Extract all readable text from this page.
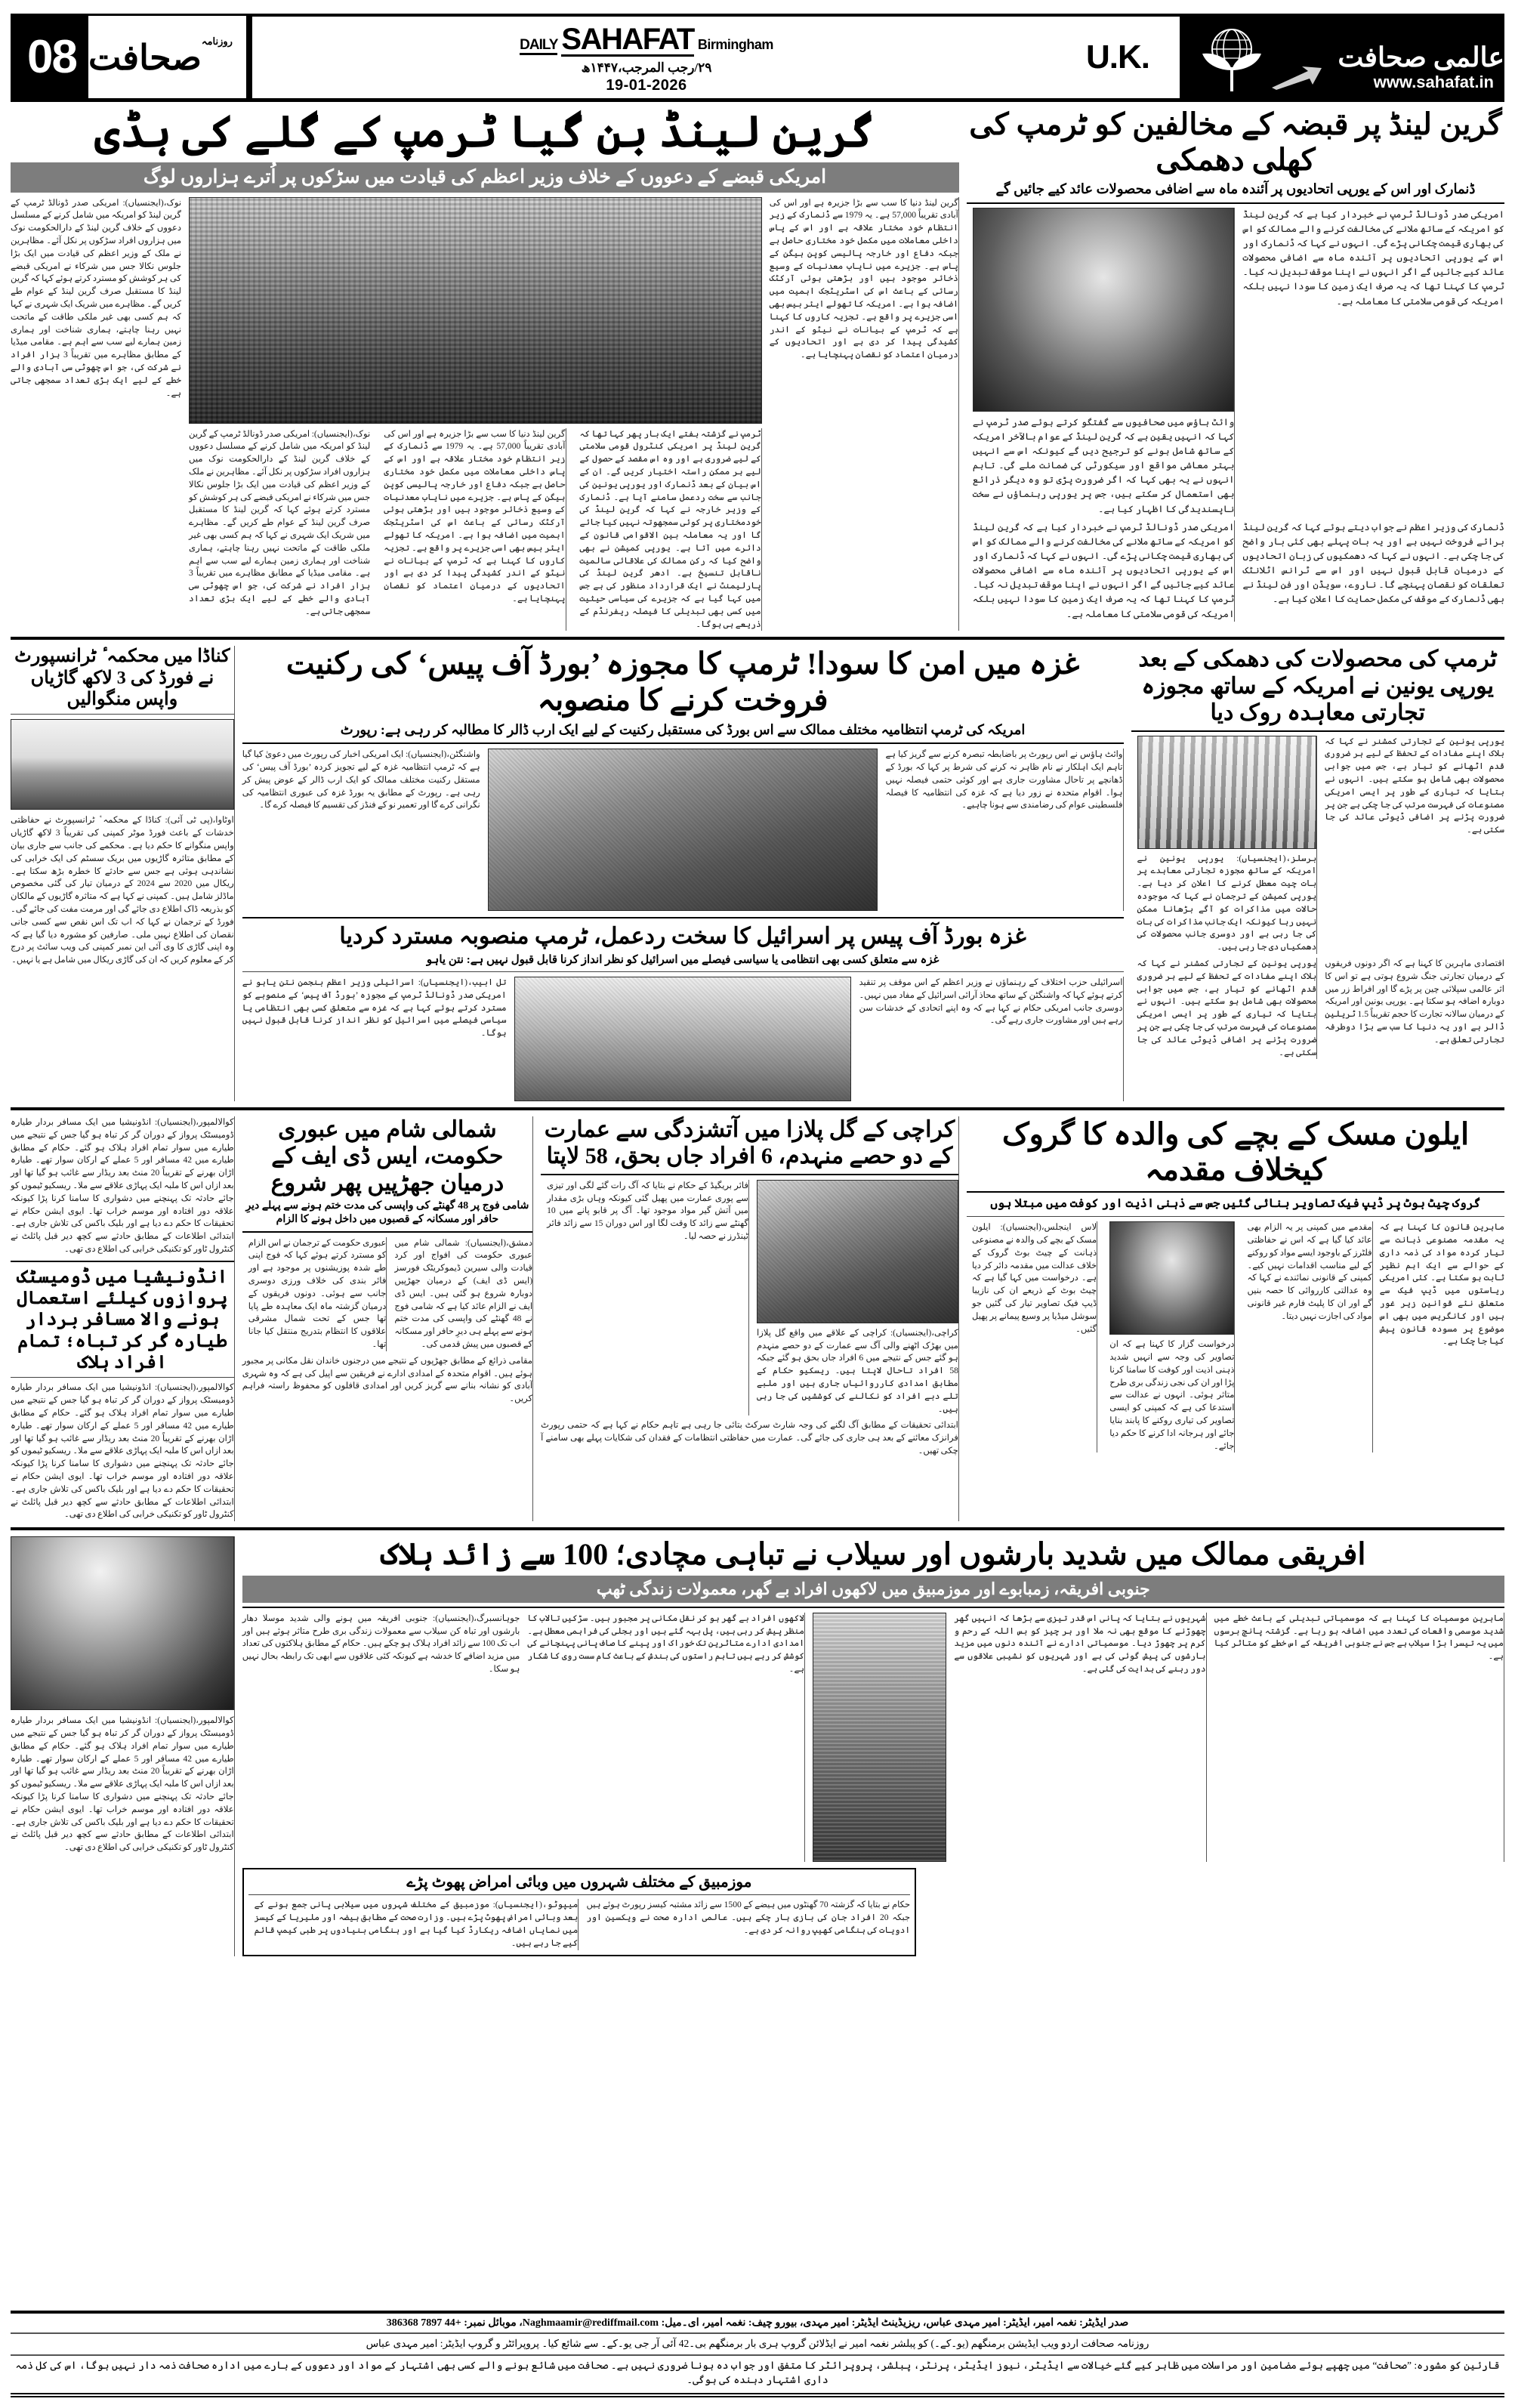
08	روزنامہ
صحافت	DAILY SAHAFAT Birmingham
۲۹/رجب المرجب،۱۴۴۷ھ
19-01-2026
U.K.	عالمی صحافت
www.sahafat.in
گرین لینڈ پر قبضہ کے مخالفین کو ٹرمپ کی کھلی دھمکی
ڈنمارک اور اس کے یورپی اتحادیوں پر آئندہ ماہ سے اضافی محصولات عائد کیے جائیں گے
امریکی صدر ڈونالڈ ٹرمپ نے خبردار کیا ہے کہ گرین لینڈ کو امریکہ کے ساتھ ملانے کی مخالفت کرنے والے ممالک کو اس کی بھاری قیمت چکانی پڑے گی۔ انہوں نے کہا کہ ڈنمارک اور اس کے یورپی اتحادیوں پر آئندہ ماہ سے اضافی محصولات عائد کیے جائیں گے اگر انہوں نے اپنا موقف تبدیل نہ کیا۔ ٹرمپ کا کہنا تھا کہ یہ صرف ایک زمین کا سودا نہیں بلکہ امریکہ کی قومی سلامتی کا معاملہ ہے۔
وائٹ ہاؤس میں صحافیوں سے گفتگو کرتے ہوئے صدر ٹرمپ نے کہا کہ انہیں یقین ہے کہ گرین لینڈ کے عوام بالآخر امریکہ کے ساتھ شامل ہونے کو ترجیح دیں گے کیونکہ اس سے انہیں بہتر معاشی مواقع اور سیکورٹی کی ضمانت ملے گی۔ تاہم انہوں نے یہ بھی کہا کہ اگر ضرورت پڑی تو وہ دیگر ذرائع بھی استعمال کر سکتے ہیں، جس پر یورپی رہنماؤں نے سخت ناپسندیدگی کا اظہار کیا ہے۔
ڈنمارک کی وزیر اعظم نے جواب دیتے ہوئے کہا کہ گرین لینڈ برائے فروخت نہیں ہے اور یہ بات پہلے بھی کئی بار واضح کی جا چکی ہے۔ انہوں نے کہا کہ دھمکیوں کی زبان اتحادیوں کے درمیان قابل قبول نہیں اور اس سے ٹرانس اٹلانٹک تعلقات کو نقصان پہنچے گا۔ ناروے، سویڈن اور فن لینڈ نے بھی ڈنمارک کے موقف کی مکمل حمایت کا اعلان کیا ہے۔
امریکی صدر ڈونالڈ ٹرمپ نے خبردار کیا ہے کہ گرین لینڈ کو امریکہ کے ساتھ ملانے کی مخالفت کرنے والے ممالک کو اس کی بھاری قیمت چکانی پڑے گی۔ انہوں نے کہا کہ ڈنمارک اور اس کے یورپی اتحادیوں پر آئندہ ماہ سے اضافی محصولات عائد کیے جائیں گے اگر انہوں نے اپنا موقف تبدیل نہ کیا۔ ٹرمپ کا کہنا تھا کہ یہ صرف ایک زمین کا سودا نہیں بلکہ امریکہ کی قومی سلامتی کا معاملہ ہے۔
گرین لینڈ بن گیا ٹرمپ کے گلے کی ہڈی
امریکی قبضے کے دعووں کے خلاف وزیر اعظم کی قیادت میں سڑکوں پر اُترے ہزاروں لوگ
گرین لینڈ دنیا کا سب سے بڑا جزیرہ ہے اور اس کی آبادی تقریباً 57,000 ہے۔ یہ 1979 سے ڈنمارک کے زیر انتظام خود مختار علاقہ ہے اور اس کے پاس داخلی معاملات میں مکمل خود مختاری حاصل ہے جبکہ دفاع اور خارجہ پالیسی کوپن ہیگن کے پاس ہے۔ جزیرے میں نایاب معدنیات کے وسیع ذخائر موجود ہیں اور بڑھتی ہوئی آرکٹک رسائی کے باعث اس کی اسٹریٹجک اہمیت میں اضافہ ہوا ہے۔ امریکہ کا تھولے ایئر بیس بھی اسی جزیرے پر واقع ہے۔ تجزیہ کاروں کا کہنا ہے کہ ٹرمپ کے بیانات نے نیٹو کے اندر کشیدگی پیدا کر دی ہے اور اتحادیوں کے درمیان اعتماد کو نقصان پہنچایا ہے۔
ٹرمپ نے گزشتہ ہفتے ایک بار پھر کہا تھا کہ گرین لینڈ پر امریکی کنٹرول قومی سلامتی کے لیے ضروری ہے اور وہ اس مقصد کے حصول کے لیے ہر ممکن راستہ اختیار کریں گے۔ ان کے اس بیان کے بعد ڈنمارک اور یورپی یونین کی جانب سے سخت ردعمل سامنے آیا ہے۔ ڈنمارک کے وزیر خارجہ نے کہا کہ گرین لینڈ کی خودمختاری پر کوئی سمجھوتہ نہیں کیا جائے گا اور یہ معاملہ بین الاقوامی قانون کے دائرے میں آتا ہے۔ یورپی کمیشن نے بھی واضح کیا کہ رکن ممالک کی علاقائی سالمیت ناقابل تنسیخ ہے۔ ادھر گرین لینڈ کی پارلیمنٹ نے ایک قرارداد منظور کی ہے جس میں کہا گیا ہے کہ جزیرے کی سیاسی حیثیت میں کسی بھی تبدیلی کا فیصلہ ریفرنڈم کے ذریعے ہی ہوگا۔
گرین لینڈ دنیا کا سب سے بڑا جزیرہ ہے اور اس کی آبادی تقریباً 57,000 ہے۔ یہ 1979 سے ڈنمارک کے زیر انتظام خود مختار علاقہ ہے اور اس کے پاس داخلی معاملات میں مکمل خود مختاری حاصل ہے جبکہ دفاع اور خارجہ پالیسی کوپن ہیگن کے پاس ہے۔ جزیرے میں نایاب معدنیات کے وسیع ذخائر موجود ہیں اور بڑھتی ہوئی آرکٹک رسائی کے باعث اس کی اسٹریٹجک اہمیت میں اضافہ ہوا ہے۔ امریکہ کا تھولے ایئر بیس بھی اسی جزیرے پر واقع ہے۔ تجزیہ کاروں کا کہنا ہے کہ ٹرمپ کے بیانات نے نیٹو کے اندر کشیدگی پیدا کر دی ہے اور اتحادیوں کے درمیان اعتماد کو نقصان پہنچایا ہے۔
نوک،(ایجنسیاں): امریکی صدر ڈونالڈ ٹرمپ کے گرین لینڈ کو امریکہ میں شامل کرنے کے مسلسل دعووں کے خلاف گرین لینڈ کے دارالحکومت نوک میں ہزاروں افراد سڑکوں پر نکل آئے۔ مظاہرین نے ملک کے وزیر اعظم کی قیادت میں ایک بڑا جلوس نکالا جس میں شرکاء نے امریکی قبضے کی ہر کوشش کو مسترد کرتے ہوئے کہا کہ گرین لینڈ کا مستقبل صرف گرین لینڈ کے عوام طے کریں گے۔ مظاہرے میں شریک ایک شہری نے کہا کہ ہم کسی بھی غیر ملکی طاقت کے ماتحت نہیں رہنا چاہتے، ہماری شناخت اور ہماری زمین ہمارے لیے سب سے اہم ہے۔ مقامی میڈیا کے مطابق مظاہرے میں تقریباً 3 ہزار افراد نے شرکت کی، جو اس چھوٹی سی آبادی والے خطے کے لیے ایک بڑی تعداد سمجھی جاتی ہے۔
نوک،(ایجنسیاں): امریکی صدر ڈونالڈ ٹرمپ کے گرین لینڈ کو امریکہ میں شامل کرنے کے مسلسل دعووں کے خلاف گرین لینڈ کے دارالحکومت نوک میں ہزاروں افراد سڑکوں پر نکل آئے۔ مظاہرین نے ملک کے وزیر اعظم کی قیادت میں ایک بڑا جلوس نکالا جس میں شرکاء نے امریکی قبضے کی ہر کوشش کو مسترد کرتے ہوئے کہا کہ گرین لینڈ کا مستقبل صرف گرین لینڈ کے عوام طے کریں گے۔ مظاہرے میں شریک ایک شہری نے کہا کہ ہم کسی بھی غیر ملکی طاقت کے ماتحت نہیں رہنا چاہتے، ہماری شناخت اور ہماری زمین ہمارے لیے سب سے اہم ہے۔ مقامی میڈیا کے مطابق مظاہرے میں تقریباً 3 ہزار افراد نے شرکت کی، جو اس چھوٹی سی آبادی والے خطے کے لیے ایک بڑی تعداد سمجھی جاتی ہے۔
ٹرمپ کی محصولات کی دھمکی کے بعد یورپی یونین نے امریکہ کے ساتھ مجوزہ تجارتی معاہدہ روک دیا
یورپی یونین کے تجارتی کمشنر نے کہا کہ بلاک اپنے مفادات کے تحفظ کے لیے ہر ضروری قدم اٹھانے کو تیار ہے، جس میں جوابی محصولات بھی شامل ہو سکتے ہیں۔ انہوں نے بتایا کہ تیاری کے طور پر ایسی امریکی مصنوعات کی فہرست مرتب کی جا چکی ہے جن پر ضرورت پڑنے پر اضافی ڈیوٹی عائد کی جا سکتی ہے۔
برسلز،(ایجنسیاں): یورپی یونین نے امریکہ کے ساتھ مجوزہ تجارتی معاہدے پر بات چیت معطل کرنے کا اعلان کر دیا ہے۔ یورپی کمیشن کے ترجمان نے کہا کہ موجودہ حالات میں مذاکرات کو آگے بڑھانا ممکن نہیں رہا کیونکہ ایک جانب مذاکرات کی بات کی جا رہی ہے اور دوسری جانب محصولات کی دھمکیاں دی جا رہی ہیں۔
اقتصادی ماہرین کا کہنا ہے کہ اگر دونوں فریقوں کے درمیان تجارتی جنگ شروع ہوتی ہے تو اس کا اثر عالمی سپلائی چین پر پڑے گا اور افراط زر میں دوبارہ اضافہ ہو سکتا ہے۔ یورپی یونین اور امریکہ کے درمیان سالانہ تجارت کا حجم تقریباً 1.5 ٹریلین ڈالر ہے اور یہ دنیا کا سب سے بڑا دوطرفہ تجارتی تعلق ہے۔
یورپی یونین کے تجارتی کمشنر نے کہا کہ بلاک اپنے مفادات کے تحفظ کے لیے ہر ضروری قدم اٹھانے کو تیار ہے، جس میں جوابی محصولات بھی شامل ہو سکتے ہیں۔ انہوں نے بتایا کہ تیاری کے طور پر ایسی امریکی مصنوعات کی فہرست مرتب کی جا چکی ہے جن پر ضرورت پڑنے پر اضافی ڈیوٹی عائد کی جا سکتی ہے۔
غزہ میں امن کا سودا! ٹرمپ کا مجوزہ ’بورڈ آف پیس‘ کی رکنیت فروخت کرنے کا منصوبہ
امریکہ کی ٹرمپ انتظامیہ مختلف ممالک سے اس بورڈ کی مستقبل رکنیت کے لیے ایک ارب ڈالر کا مطالبہ کر رہی ہے: رپورٹ
وائٹ ہاؤس نے اس رپورٹ پر باضابطہ تبصرہ کرنے سے گریز کیا ہے تاہم ایک اہلکار نے نام ظاہر نہ کرنے کی شرط پر کہا کہ بورڈ کے ڈھانچے پر تاحال مشاورت جاری ہے اور کوئی حتمی فیصلہ نہیں ہوا۔ اقوام متحدہ نے زور دیا ہے کہ غزہ کی انتظامیہ کا فیصلہ فلسطینی عوام کی رضامندی سے ہونا چاہیے۔
واشنگٹن،(ایجنسیاں): ایک امریکی اخبار کی رپورٹ میں دعویٰ کیا گیا ہے کہ ٹرمپ انتظامیہ غزہ کے لیے تجویز کردہ ’بورڈ آف پیس‘ کی مستقل رکنیت مختلف ممالک کو ایک ارب ڈالر کے عوض پیش کر رہی ہے۔ رپورٹ کے مطابق یہ بورڈ غزہ کی عبوری انتظامیہ کی نگرانی کرے گا اور تعمیر نو کے فنڈز کی تقسیم کا فیصلہ کرے گا۔
غزہ بورڈ آف پیس پر اسرائیل کا سخت ردعمل، ٹرمپ منصوبہ مسترد کردیا
غزہ سے متعلق کسی بھی انتظامی یا سیاسی فیصلے میں اسرائیل کو نظر انداز کرنا قابل قبول نہیں ہے: نتن یاہو
اسرائیلی حزب اختلاف کے رہنماؤں نے وزیر اعظم کے اس موقف پر تنقید کرتے ہوئے کہا کہ واشنگٹن کے ساتھ محاذ آرائی اسرائیل کے مفاد میں نہیں۔ دوسری جانب امریکی حکام نے کہا ہے کہ وہ اپنے اتحادی کے خدشات سن رہے ہیں اور مشاورت جاری رہے گی۔
تل ابیب،(ایجنسیاں): اسرائیلی وزیر اعظم بنجمن نتن یاہو نے امریکی صدر ڈونالڈ ٹرمپ کے مجوزہ ’بورڈ آف پیس‘ کے منصوبے کو مسترد کرتے ہوئے کہا ہے کہ غزہ سے متعلق کسی بھی انتظامی یا سیاسی فیصلے میں اسرائیل کو نظر انداز کرنا قابل قبول نہیں ہوگا۔
کناڈا میں محکمہ ٔ ٹرانسپورٹ نے فورڈ کی 3 لاکھ گاڑیاں واپس منگوالیں
اوٹاوا،(پی ٹی آئی): کناڈا کے محکمہ ٔ ٹرانسپورٹ نے حفاظتی خدشات کے باعث فورڈ موٹر کمپنی کی تقریباً 3 لاکھ گاڑیاں واپس منگوانے کا حکم دیا ہے۔ محکمے کی جانب سے جاری بیان کے مطابق متاثرہ گاڑیوں میں بریک سسٹم کی ایک خرابی کی نشاندہی ہوئی ہے جس سے حادثے کا خطرہ بڑھ سکتا ہے۔ ریکال میں 2020 سے 2024 کے درمیان تیار کی گئی مخصوص ماڈلز شامل ہیں۔ کمپنی نے کہا ہے کہ متاثرہ گاڑیوں کے مالکان کو بذریعہ ڈاک اطلاع دی جائے گی اور مرمت مفت کی جائے گی۔ فورڈ کے ترجمان نے کہا کہ اب تک اس نقص سے کسی جانی نقصان کی اطلاع نہیں ملی۔ صارفین کو مشورہ دیا گیا ہے کہ وہ اپنی گاڑی کا وی آئی این نمبر کمپنی کی ویب سائٹ پر درج کر کے معلوم کریں کہ ان کی گاڑی ریکال میں شامل ہے یا نہیں۔
ایلون مسک کے بچے کی والدہ کا گروک کیخلاف مقدمہ
گروک چیٹ بوٹ پر ڈیپ فیک تصاویر بنائی گئیں جس سے ذہنی اذیت اور کوفت میں مبتلا ہوں
ماہرین قانون کا کہنا ہے کہ یہ مقدمہ مصنوعی ذہانت سے تیار کردہ مواد کی ذمہ داری کے حوالے سے ایک اہم نظیر ثابت ہو سکتا ہے۔ کئی امریکی ریاستوں میں ڈیپ فیک سے متعلق نئے قوانین زیر غور ہیں اور کانگریس میں بھی اس موضوع پر مسودہ قانون پیش کیا جا چکا ہے۔
مقدمے میں کمپنی پر یہ الزام بھی عائد کیا گیا ہے کہ اس نے حفاظتی فلٹرز کے باوجود ایسے مواد کو روکنے کے لیے مناسب اقدامات نہیں کیے۔ کمپنی کے قانونی نمائندے نے کہا کہ وہ عدالتی کارروائی کا حصہ بنیں گے اور ان کا پلیٹ فارم غیر قانونی مواد کی اجازت نہیں دیتا۔
درخواست گزار کا کہنا ہے کہ ان تصاویر کی وجہ سے انہیں شدید ذہنی اذیت اور کوفت کا سامنا کرنا پڑا اور ان کی نجی زندگی بری طرح متاثر ہوئی۔ انہوں نے عدالت سے استدعا کی ہے کہ کمپنی کو ایسی تصاویر کی تیاری روکنے کا پابند بنایا جائے اور ہرجانہ ادا کرنے کا حکم دیا جائے۔
لاس اینجلس،(ایجنسیاں): ایلون مسک کے بچے کی والدہ نے مصنوعی ذہانت کے چیٹ بوٹ گروک کے خلاف عدالت میں مقدمہ دائر کر دیا ہے۔ درخواست میں کہا گیا ہے کہ چیٹ بوٹ کے ذریعے ان کی نازیبا ڈیپ فیک تصاویر تیار کی گئیں جو سوشل میڈیا پر وسیع پیمانے پر پھیل گئیں۔
کراچی کے گل پلازا میں آتشزدگی سے عمارت کے دو حصے منہدم، 6 افراد جاں بحق، 58 لاپتا
کراچی،(ایجنسیاں): کراچی کے علاقے میں واقع گل پلازا میں بھڑک اٹھنے والی آگ سے عمارت کے دو حصے منہدم ہو گئے جس کے نتیجے میں 6 افراد جاں بحق ہو گئے جبکہ 58 افراد تاحال لاپتا ہیں۔ ریسکیو حکام کے مطابق امدادی کارروائیاں جاری ہیں اور ملبے تلے دبے افراد کو نکالنے کی کوششیں کی جا رہی ہیں۔
فائر بریگیڈ کے حکام نے بتایا کہ آگ رات گئے لگی اور تیزی سے پوری عمارت میں پھیل گئی کیونکہ وہاں بڑی مقدار میں آتش گیر مواد موجود تھا۔ آگ پر قابو پانے میں 10 گھنٹے سے زائد کا وقت لگا اور اس دوران 15 سے زائد فائر ٹینڈرز نے حصہ لیا۔
ابتدائی تحقیقات کے مطابق آگ لگنے کی وجہ شارٹ سرکٹ بتائی جا رہی ہے تاہم حکام نے کہا ہے کہ حتمی رپورٹ فرانزک معائنے کے بعد ہی جاری کی جائے گی۔ عمارت میں حفاظتی انتظامات کے فقدان کی شکایات پہلے بھی سامنے آ چکی تھیں۔
شمالی شام میں عبوری حکومت، ایس ڈی ایف کے درمیان جھڑپیں پھر شروع
شامی فوج پر 48 گھنٹے کی واپسی کی مدت ختم ہونے سے پہلے دیرِ حافر اور مسکانہ کے قصبوں میں داخل ہونے کا الزام
دمشق،(ایجنسیاں): شمالی شام میں عبوری حکومت کی افواج اور کرد قیادت والی سیرین ڈیموکریٹک فورسز (ایس ڈی ایف) کے درمیان جھڑپیں دوبارہ شروع ہو گئی ہیں۔ ایس ڈی ایف نے الزام عائد کیا ہے کہ شامی فوج نے 48 گھنٹے کی واپسی کی مدت ختم ہونے سے پہلے ہی دیرِ حافر اور مسکانہ کے قصبوں میں پیش قدمی کی۔
عبوری حکومت کے ترجمان نے اس الزام کو مسترد کرتے ہوئے کہا کہ فوج اپنی طے شدہ پوزیشنوں پر موجود ہے اور فائر بندی کی خلاف ورزی دوسری جانب سے ہوئی۔ دونوں فریقوں کے درمیان گزشتہ ماہ ایک معاہدہ طے پایا تھا جس کے تحت شمال مشرقی علاقوں کا انتظام بتدریج منتقل کیا جانا تھا۔
مقامی ذرائع کے مطابق جھڑپوں کے نتیجے میں درجنوں خاندان نقل مکانی پر مجبور ہوئے ہیں۔ اقوام متحدہ کے امدادی ادارے نے فریقین سے اپیل کی ہے کہ وہ شہری آبادی کو نشانہ بنانے سے گریز کریں اور امدادی قافلوں کو محفوظ راستہ فراہم کریں۔
کوالالمپور،(ایجنسیاں): انڈونیشیا میں ایک مسافر بردار طیارہ ڈومیسٹک پرواز کے دوران گر کر تباہ ہو گیا جس کے نتیجے میں طیارے میں سوار تمام افراد ہلاک ہو گئے۔ حکام کے مطابق طیارے میں 42 مسافر اور 5 عملے کے ارکان سوار تھے۔ طیارہ اڑان بھرنے کے تقریباً 20 منٹ بعد ریڈار سے غائب ہو گیا تھا اور بعد ازاں اس کا ملبہ ایک پہاڑی علاقے سے ملا۔ ریسکیو ٹیموں کو جائے حادثہ تک پہنچنے میں دشواری کا سامنا کرنا پڑا کیونکہ علاقہ دور افتادہ اور موسم خراب تھا۔ ایوی ایشن حکام نے تحقیقات کا حکم دے دیا ہے اور بلیک باکس کی تلاش جاری ہے۔ ابتدائی اطلاعات کے مطابق حادثے سے کچھ دیر قبل پائلٹ نے کنٹرول ٹاور کو تکنیکی خرابی کی اطلاع دی تھی۔
انڈونیشیا میں ڈومیسٹک پروازوں کیلئے استعمال ہونے والا مسافر بردار طیارہ گر کر تباہ؛ تمام افراد ہلاک
کوالالمپور،(ایجنسیاں): انڈونیشیا میں ایک مسافر بردار طیارہ ڈومیسٹک پرواز کے دوران گر کر تباہ ہو گیا جس کے نتیجے میں طیارے میں سوار تمام افراد ہلاک ہو گئے۔ حکام کے مطابق طیارے میں 42 مسافر اور 5 عملے کے ارکان سوار تھے۔ طیارہ اڑان بھرنے کے تقریباً 20 منٹ بعد ریڈار سے غائب ہو گیا تھا اور بعد ازاں اس کا ملبہ ایک پہاڑی علاقے سے ملا۔ ریسکیو ٹیموں کو جائے حادثہ تک پہنچنے میں دشواری کا سامنا کرنا پڑا کیونکہ علاقہ دور افتادہ اور موسم خراب تھا۔ ایوی ایشن حکام نے تحقیقات کا حکم دے دیا ہے اور بلیک باکس کی تلاش جاری ہے۔ ابتدائی اطلاعات کے مطابق حادثے سے کچھ دیر قبل پائلٹ نے کنٹرول ٹاور کو تکنیکی خرابی کی اطلاع دی تھی۔
افریقی ممالک میں شدید بارشوں اور سیلاب نے تباہی مچادی؛ 100 سے زائد ہلاک
جنوبی افریقہ، زمبابوے اور موزمبیق میں لاکھوں افراد بے گھر، معمولات زندگی ٹھپ
ماہرین موسمیات کا کہنا ہے کہ موسمیاتی تبدیلی کے باعث خطے میں شدید موسمی واقعات کی تعدد میں اضافہ ہو رہا ہے۔ گزشتہ پانچ برسوں میں یہ تیسرا بڑا سیلاب ہے جس نے جنوبی افریقہ کے اس خطے کو متاثر کیا ہے۔
شہریوں نے بتایا کہ پانی اس قدر تیزی سے بڑھا کہ انہیں گھر چھوڑنے کا موقع بھی نہ ملا اور ہر چیز کو بس اللہ کے رحم و کرم پر چھوڑ دیا۔ موسمیاتی ادارے نے آئندہ دنوں میں مزید بارشوں کی پیش گوئی کی ہے اور شہریوں کو نشیبی علاقوں سے دور رہنے کی ہدایت کی گئی ہے۔
لاکھوں افراد بے گھر ہو کر نقل مکانی پر مجبور ہیں۔ سڑکیں تالاب کا منظر پیش کر رہی ہیں، پل بہہ گئے ہیں اور بجلی کی فراہمی معطل ہے۔ امدادی ادارے متاثرین تک خوراک اور پینے کا صاف پانی پہنچانے کی کوشش کر رہے ہیں تاہم راستوں کی بندش کے باعث کام سست روی کا شکار ہے۔
جوہانسبرگ،(ایجنسیاں): جنوبی افریقہ میں ہونے والی شدید موسلا دھار بارشوں اور تباہ کن سیلاب سے معمولات زندگی بری طرح متاثر ہوئے ہیں اور اب تک 100 سے زائد افراد ہلاک ہو چکے ہیں۔ حکام کے مطابق ہلاکتوں کی تعداد میں مزید اضافے کا خدشہ ہے کیونکہ کئی علاقوں سے ابھی تک رابطہ بحال نہیں ہو سکا۔
موزمبیق کے مختلف شہروں میں وبائی امراض پھوٹ پڑے
حکام نے بتایا کہ گزشتہ 70 گھنٹوں میں ہیضے کے 1500 سے زائد مشتبہ کیسز رپورٹ ہوئے ہیں جبکہ 20 افراد جان کی بازی ہار چکے ہیں۔ عالمی ادارہ صحت نے ویکسین اور ادویات کی ہنگامی کھیپ روانہ کر دی ہے۔
میپوٹو،(ایجنسیاں): موزمبیق کے مختلف شہروں میں سیلابی پانی جمع ہونے کے بعد وبائی امراض پھوٹ پڑے ہیں۔ وزارت صحت کے مطابق ہیضہ اور ملیریا کے کیسز میں نمایاں اضافہ ریکارڈ کیا گیا ہے اور ہنگامی بنیادوں پر طبی کیمپ قائم کیے جا رہے ہیں۔
کوالالمپور،(ایجنسیاں): انڈونیشیا میں ایک مسافر بردار طیارہ ڈومیسٹک پرواز کے دوران گر کر تباہ ہو گیا جس کے نتیجے میں طیارے میں سوار تمام افراد ہلاک ہو گئے۔ حکام کے مطابق طیارے میں 42 مسافر اور 5 عملے کے ارکان سوار تھے۔ طیارہ اڑان بھرنے کے تقریباً 20 منٹ بعد ریڈار سے غائب ہو گیا تھا اور بعد ازاں اس کا ملبہ ایک پہاڑی علاقے سے ملا۔ ریسکیو ٹیموں کو جائے حادثہ تک پہنچنے میں دشواری کا سامنا کرنا پڑا کیونکہ علاقہ دور افتادہ اور موسم خراب تھا۔ ایوی ایشن حکام نے تحقیقات کا حکم دے دیا ہے اور بلیک باکس کی تلاش جاری ہے۔ ابتدائی اطلاعات کے مطابق حادثے سے کچھ دیر قبل پائلٹ نے کنٹرول ٹاور کو تکنیکی خرابی کی اطلاع دی تھی۔
صدر ایڈیٹر: نغمہ امیر، ایڈیٹر: امیر مہدی عباس، ریزیڈینٹ ایڈیٹر: امیر مہدی، بیورو چیف: نغمہ امیر، ای۔میل: Naghmaamir@rediffmail.com، موبائل نمبر: +44 7897 386368
روزنامہ صحافت اردو ویب ایڈیشن برمنگھم (یو۔کے۔) کو پبلشر نغمہ امیر نے ایڈلائن گروپ ہری بار برمنگھم بی۔42 آئی آر جی یو۔کے۔ سے شائع کیا۔ پروپرائٹر و گروپ ایڈیٹر: امیر مہدی عباس
قارئین کو مشورہ: ”صحافت“ میں چھپے ہوئے مضامین اور مراسلات میں ظاہر کیے گئے خیالات سے ایڈیٹر، نیوز ایڈیٹر، پرنٹر، پبلشر، پروپرائٹر کا متفق اور جواب دہ ہونا ضروری نہیں ہے۔ صحافت میں شائع ہونے والے کسی بھی اشتہار کے مواد اور دعووں کے بارے میں ادارہ صحافت ذمہ دار نہیں ہوگا، اس کی کل ذمہ داری اشتہار دہندہ کی ہوگی۔
